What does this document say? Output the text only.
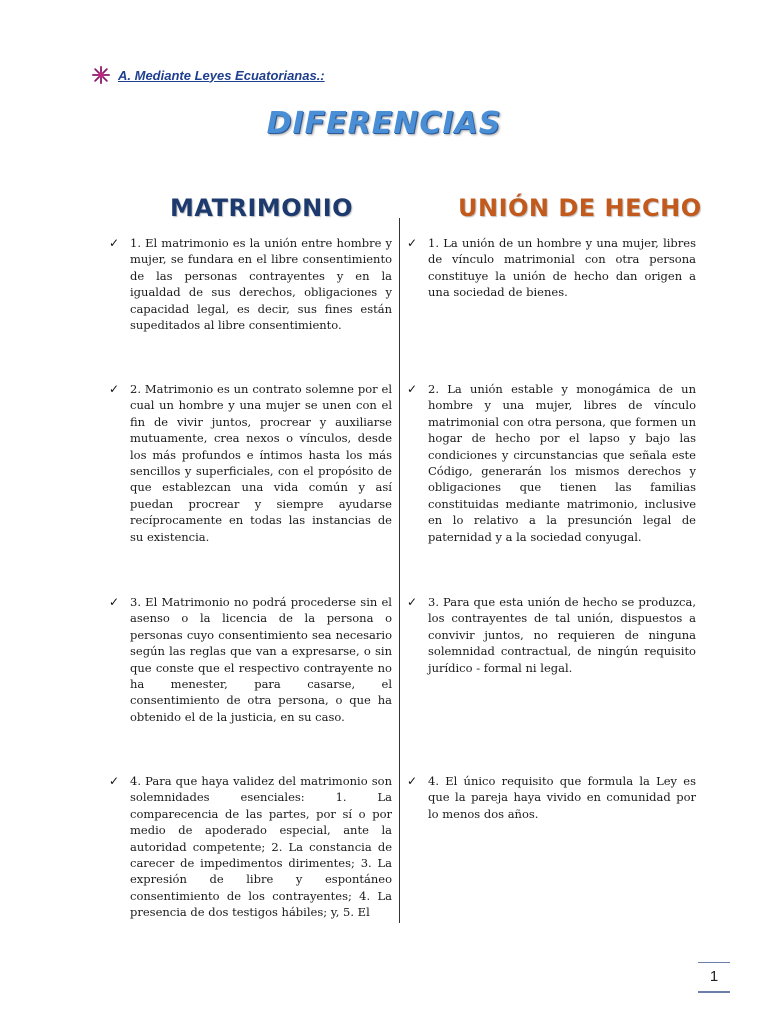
A. Mediante Leyes Ecuatorianas.:
DIFERENCIAS
MATRIMONIO	UNIÓN DE HECHO
✓ 1. El matrimonio es la unión entre hombre y mujer, se fundara en el libre consentimiento de las personas contrayentes y en la igualdad de sus derechos, obligaciones y capacidad legal, es decir, sus fines están supeditados al libre consentimiento.
✓ 2. Matrimonio es un contrato solemne por el cual un hombre y una mujer se unen con el fin de vivir juntos, procrear y auxiliarse mutuamente, crea nexos o vínculos, desde los más profundos e íntimos hasta los más sencillos y superficiales, con el propósito de que establezcan una vida común y así puedan procrear y siempre ayudarse recíprocamente en todas las instancias de su existencia.
✓ 3. El Matrimonio no podrá procederse sin el asenso o la licencia de la persona o personas cuyo consentimiento sea necesario según las reglas que van a expresarse, o sin que conste que el respectivo contrayente no ha menester, para casarse, el consentimiento de otra persona, o que ha obtenido el de la justicia, en su caso.
✓ 4. Para que haya validez del matrimonio son solemnidades esenciales: 1. La comparecencia de las partes, por sí o por medio de apoderado especial, ante la autoridad competente; 2. La constancia de carecer de impedimentos dirimentes; 3. La expresión de libre y espontáneo consentimiento de los contrayentes; 4. La presencia de dos testigos hábiles; y, 5. El
✓ 1. La unión de un hombre y una mujer, libres de vínculo matrimonial con otra persona constituye la unión de hecho dan origen a una sociedad de bienes.
✓ 2. La unión estable y monogámica de un hombre y una mujer, libres de vínculo matrimonial con otra persona, que formen un hogar de hecho por el lapso y bajo las condiciones y circunstancias que señala este Código, generarán los mismos derechos y obligaciones que tienen las familias constituidas mediante matrimonio, inclusive en lo relativo a la presunción legal de paternidad y a la sociedad conyugal.
✓ 3. Para que esta unión de hecho se produzca, los contrayentes de tal unión, dispuestos a convivir juntos, no requieren de ninguna solemnidad contractual, de ningún requisito jurídico - formal ni legal.
✓ 4. El único requisito que formula la Ley es que la pareja haya vivido en comunidad por lo menos dos años.
1
